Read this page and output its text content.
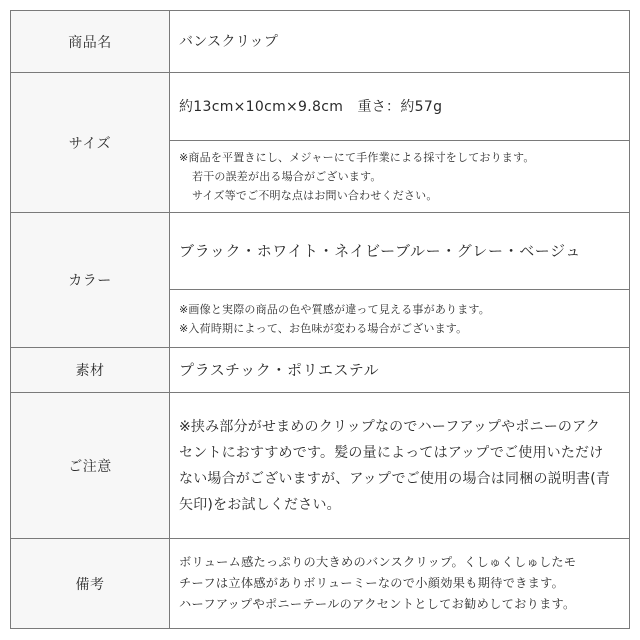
商品名	バンスクリップ
サイズ	約13cm×10cm×9.8cm　重さ：約57g

	※商品を平置きにし、メジャーにて手作業による採寸をしております。
若干の誤差が出る場合がございます。
サイズ等でご不明な点はお問い合わせください。

カラー	ブラック・ホワイト・ネイビーブルー・グレー・ベージュ

	※画像と実際の商品の色や質感が違って見える事があります。
※入荷時期によって、お色味が変わる場合がございます。

素材	プラスチック・ポリエステル
ご注意	※挟み部分がせまめのクリップなのでハーフアップやポニーのアク
セントにおすすめです。髪の量によってはアップでご使用いただけ
ない場合がございますが、アップでご使用の場合は同梱の説明書(青
矢印)をお試しください。

備考	ボリューム感たっぷりの大きめのバンスクリップ。くしゅくしゅしたモ
チーフは立体感がありボリューミーなので小顔効果も期待できます。
ハーフアップやポニーテールのアクセントとしてお勧めしております。
